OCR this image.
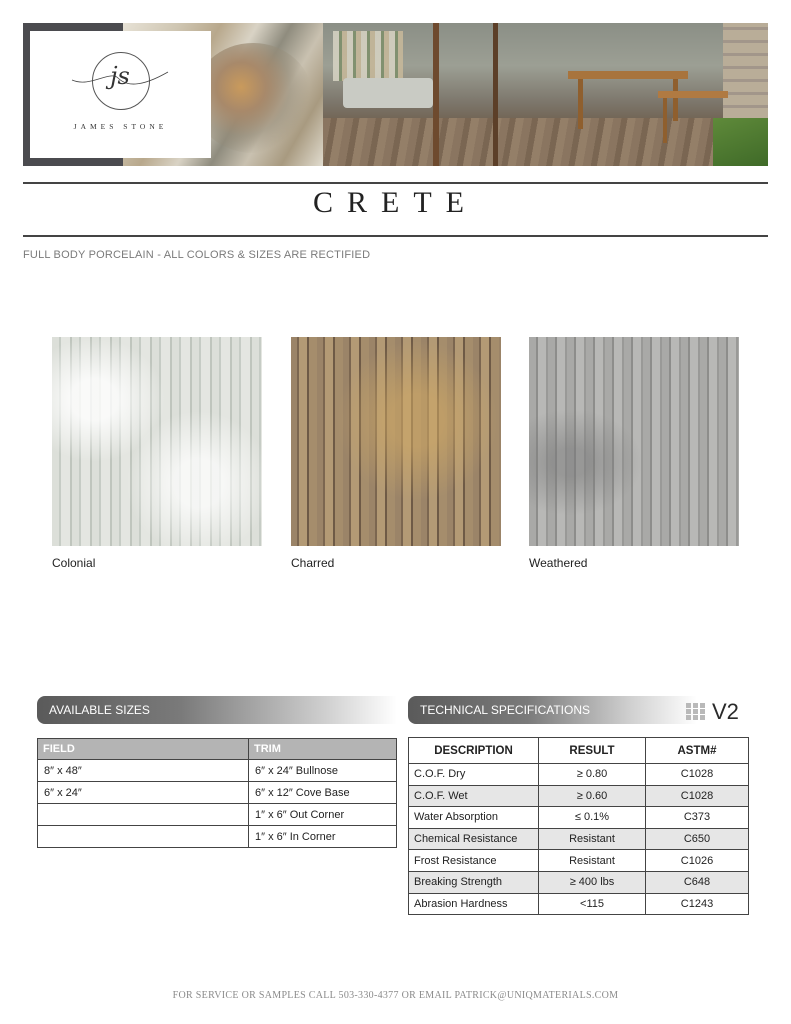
js
JAMES STONE
CRETE
FULL BODY PORCELAIN - ALL COLORS & SIZES ARE RECTIFIED
Colonial	Charred	Weathered
AVAILABLE SIZES	TECHNICAL SPECIFICATIONS	V2
FIELD	TRIM
8″ x 48″	6″ x 24″ Bullnose
6″ x 24″	6″ x 12″ Cove Base
	1″ x 6″ Out Corner
	1″ x 6″ In Corner
DESCRIPTION	RESULT	ASTM#
C.O.F. Dry	≥ 0.80	C1028
C.O.F. Wet	≥ 0.60	C1028
Water Absorption	≤ 0.1%	C373
Chemical Resistance	Resistant	C650
Frost Resistance	Resistant	C1026
Breaking Strength	≥ 400 lbs	C648
Abrasion Hardness	<115	C1243
FOR SERVICE OR SAMPLES CALL 503-330-4377 OR EMAIL PATRICK@UNIQMATERIALS.COM
